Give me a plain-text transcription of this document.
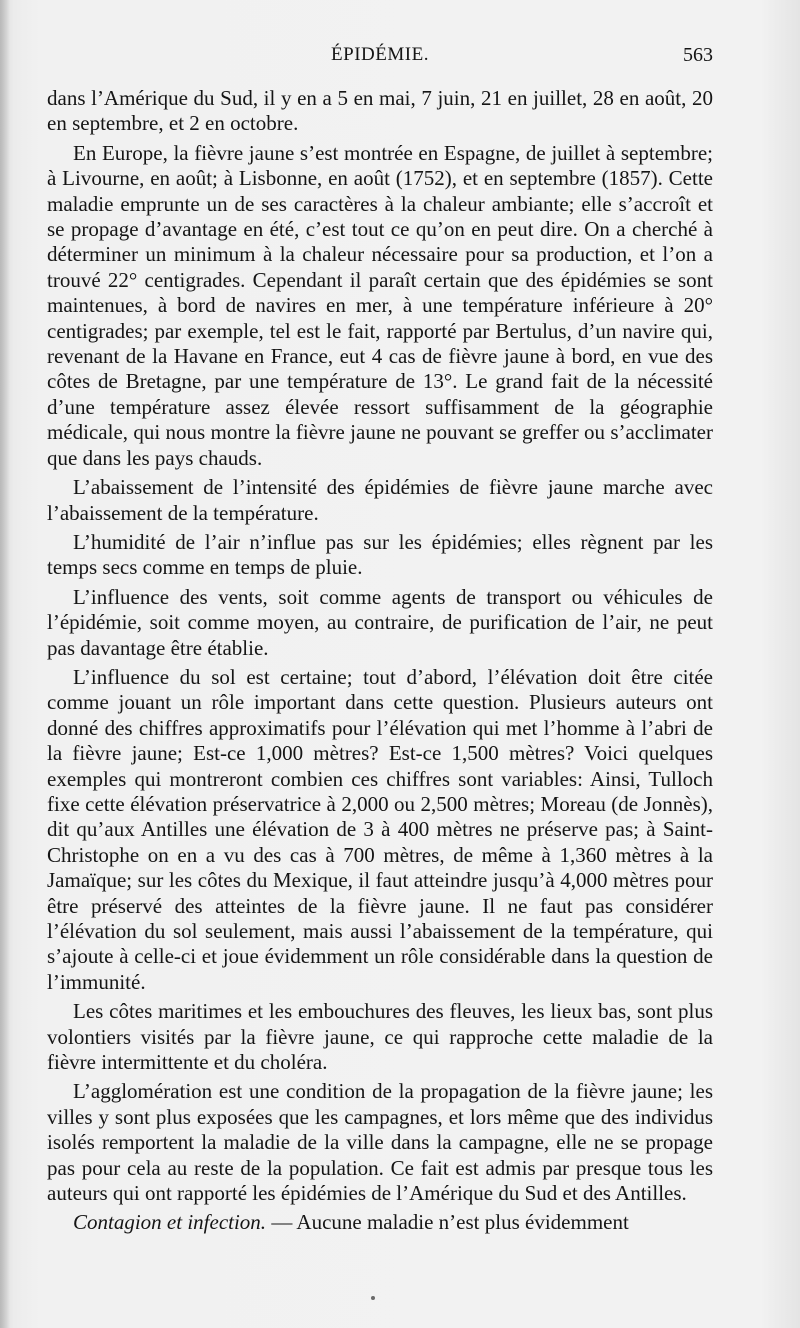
ÉPIDÉMIE.	563

dans l’Amérique du Sud, il y en a 5 en mai, 7 juin, 21 en juillet, 28 en août, 20 en septembre, et 2 en octobre.

En Europe, la fièvre jaune s’est montrée en Espagne, de juillet à septembre; à Livourne, en août; à Lisbonne, en août (1752), et en septembre (1857). Cette maladie emprunte un de ses caractères à la chaleur ambiante; elle s’accroît et se propage d’avantage en été, c’est tout ce qu’on en peut dire. On a cherché à déterminer un minimum à la chaleur nécessaire pour sa production, et l’on a trouvé 22° centigrades. Cependant il paraît certain que des épidémies se sont maintenues, à bord de navires en mer, à une température inférieure à 20° centigrades; par exemple, tel est le fait, rapporté par Bertulus, d’un navire qui, revenant de la Havane en France, eut 4 cas de fièvre jaune à bord, en vue des côtes de Bretagne, par une température de 13°. Le grand fait de la nécessité d’une température assez élevée ressort suffisamment de la géographie médicale, qui nous montre la fièvre jaune ne pouvant se greffer ou s’acclimater que dans les pays chauds.

L’abaissement de l’intensité des épidémies de fièvre jaune marche avec l’abaissement de la température.

L’humidité de l’air n’influe pas sur les épidémies; elles règnent par les temps secs comme en temps de pluie.

L’influence des vents, soit comme agents de transport ou véhicules de l’épidémie, soit comme moyen, au contraire, de purification de l’air, ne peut pas davantage être établie.

L’influence du sol est certaine; tout d’abord, l’élévation doit être citée comme jouant un rôle important dans cette question. Plusieurs auteurs ont donné des chiffres approximatifs pour l’élévation qui met l’homme à l’abri de la fièvre jaune; Est-ce 1,000 mètres? Est-ce 1,500 mètres? Voici quelques exemples qui montreront combien ces chiffres sont variables: Ainsi, Tulloch fixe cette élévation préservatrice à 2,000 ou 2,500 mètres; Moreau (de Jonnès), dit qu’aux Antilles une élévation de 3 à 400 mètres ne préserve pas; à Saint-Christophe on en a vu des cas à 700 mètres, de même à 1,360 mètres à la Jamaïque; sur les côtes du Mexique, il faut atteindre jusqu’à 4,000 mètres pour être préservé des atteintes de la fièvre jaune. Il ne faut pas considérer l’élévation du sol seulement, mais aussi l’abaissement de la température, qui s’ajoute à celle-ci et joue évidemment un rôle considérable dans la question de l’immunité.

Les côtes maritimes et les embouchures des fleuves, les lieux bas, sont plus volontiers visités par la fièvre jaune, ce qui rapproche cette maladie de la fièvre intermittente et du choléra.

L’agglomération est une condition de la propagation de la fièvre jaune; les villes y sont plus exposées que les campagnes, et lors même que des individus isolés remportent la maladie de la ville dans la campagne, elle ne se propage pas pour cela au reste de la population. Ce fait est admis par presque tous les auteurs qui ont rapporté les épidémies de l’Amérique du Sud et des Antilles.

Contagion et infection. — Aucune maladie n’est plus évidemment
